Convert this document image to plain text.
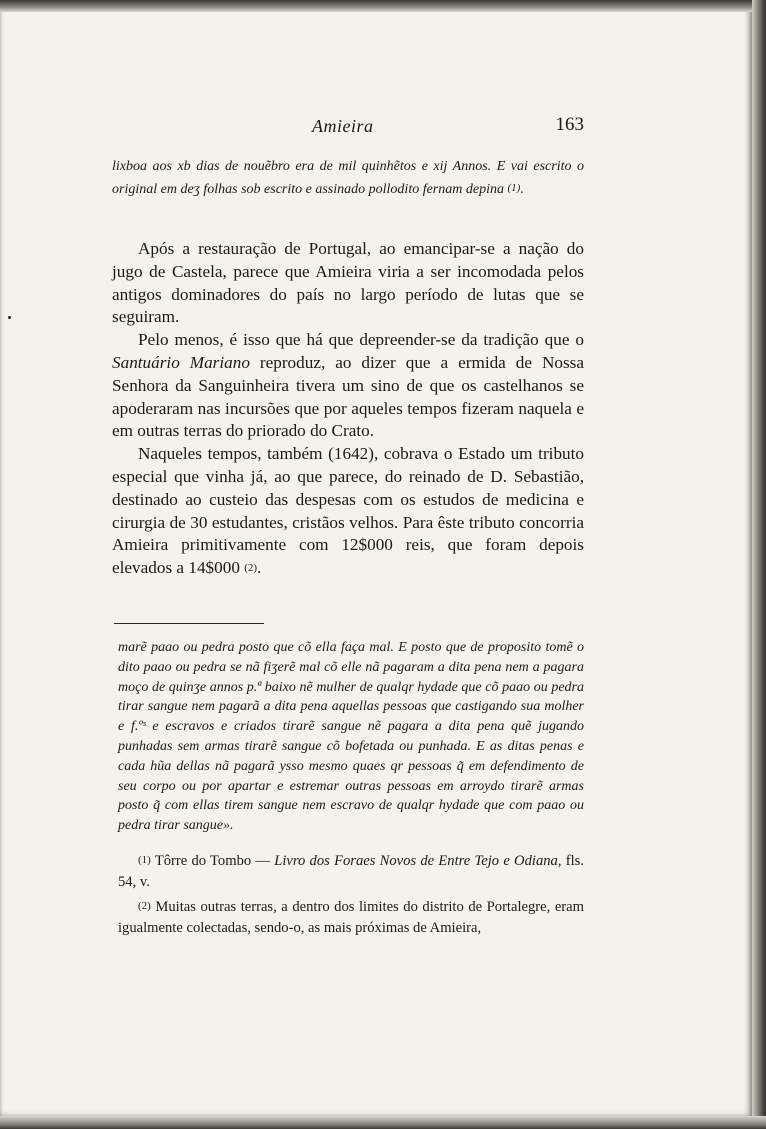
Amieira	163
lixboa aos xb dias de nouẽbro era de mil quinhẽtos e xij Annos. E vai escrito o original em deʒ folhas sob escrito e assinado pollodito fernam depina (1).

Após a restauração de Portugal, ao emancipar-se a nação do jugo de Castela, parece que Amieira viria a ser incomodada pelos antigos dominadores do país no largo período de lutas que se seguiram.

Pelo menos, é isso que há que depreender-se da tradição que o Santuário Mariano reproduz, ao dizer que a ermida de Nossa Senhora da Sanguinheira tivera um sino de que os castelhanos se apoderaram nas incursões que por aqueles tempos fizeram naquela e em outras terras do priorado do Crato.

Naqueles tempos, também (1642), cobrava o Estado um tributo especial que vinha já, ao que parece, do reinado de D. Sebastião, destinado ao custeio das despesas com os estudos de medicina e cirurgia de 30 estudantes, cristãos velhos. Para êste tributo concorria Amieira primitivamente com 12$000 reis, que foram depois elevados a 14$000 (2).

marẽ paao ou pedra posto que cõ ella faça mal. E posto que de proposito tomẽ o dito paao ou pedra se nã fiʒerẽ mal cõ elle nã pagaram a dita pena nem a pagara moço de quinʒe annos p.ª baixo nẽ mulher de qualqr hydade que cõ paao ou pedra tirar sangue nem pagarã a dita pena aquellas pessoas que castigando sua molher e f.ºˢ e escravos e criados tirarẽ sangue nẽ pagara a dita pena quẽ jugando punhadas sem armas tirarẽ sangue cõ bofetada ou punhada. E as ditas penas e cada hũa dellas nã pagarã ysso mesmo quaes qr pessoas q̃ em defendimento de seu corpo ou por apartar e estremar outras pessoas em arroydo tirarẽ armas posto q̃ com ellas tirem sangue nem escravo de qualqr hydade que com paao ou pedra tirar sangue».

(1) Tôrre do Tombo — Livro dos Foraes Novos de Entre Tejo e Odiana, fls. 54, v.

(2) Muitas outras terras, a dentro dos limites do distrito de Portalegre, eram igualmente colectadas, sendo-o, as mais próximas de Amieira,
